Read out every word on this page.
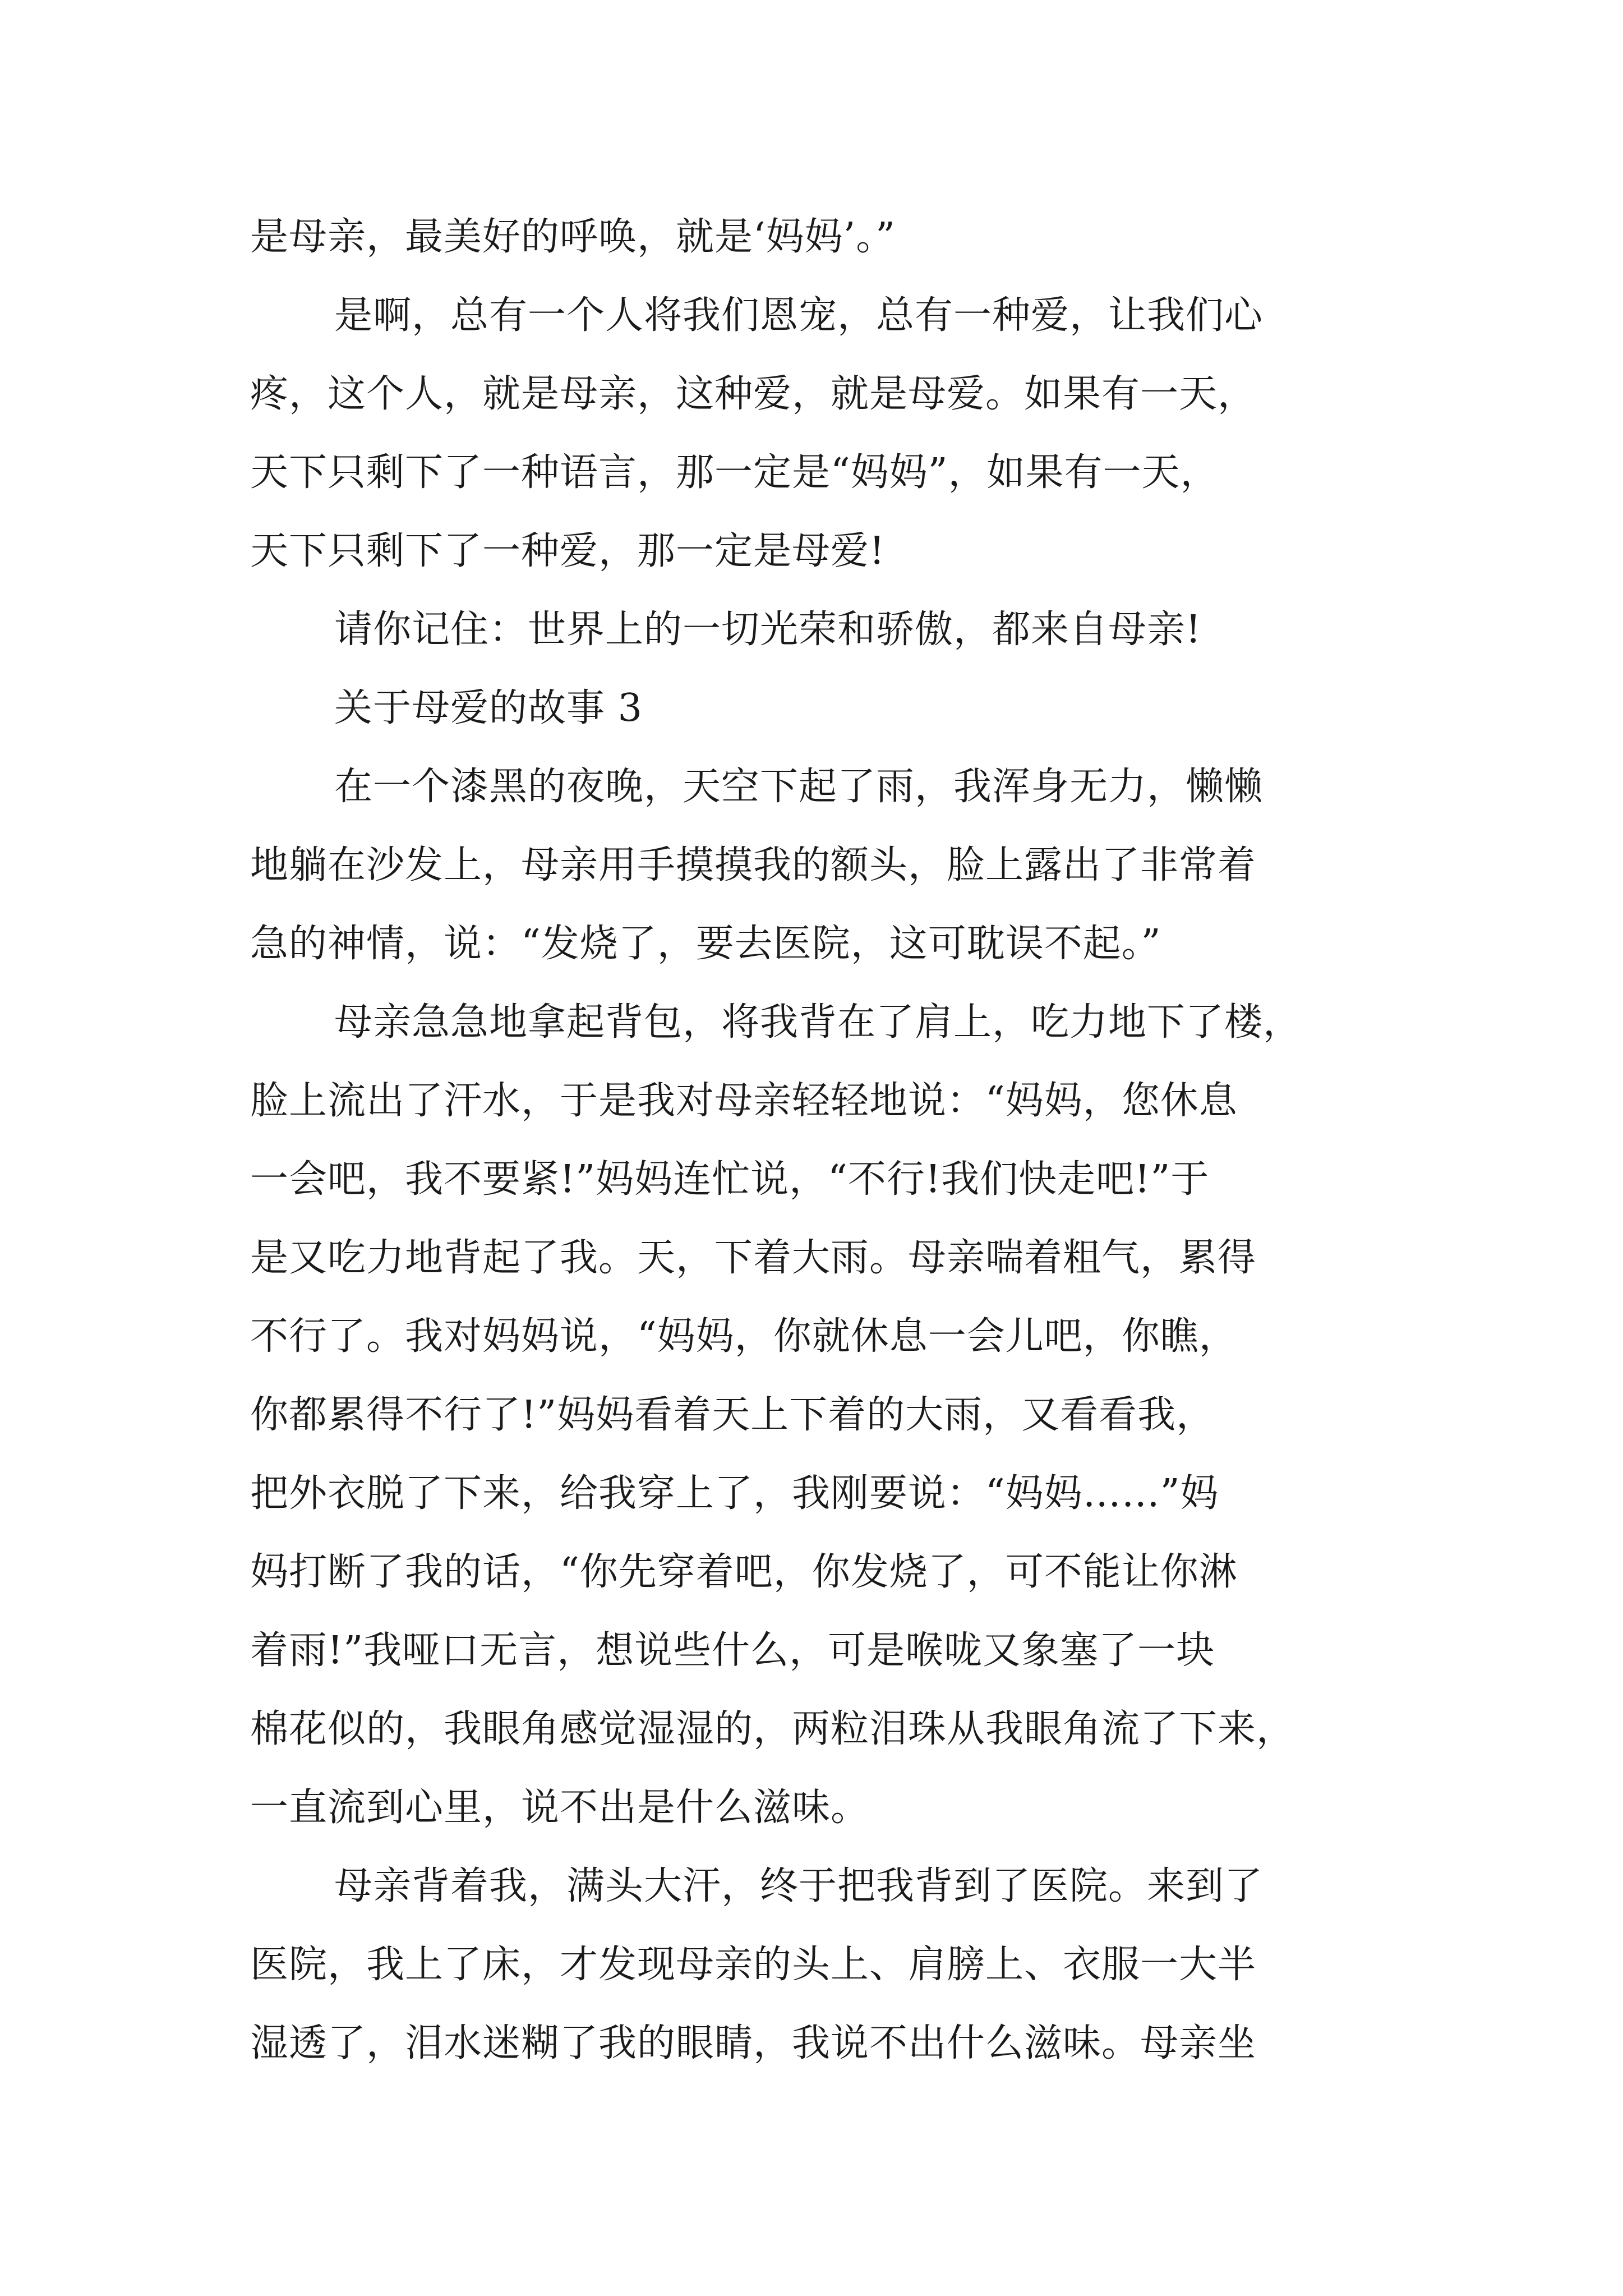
是母亲，最美好的呼唤，就是‘妈妈’。”
是啊，总有一个人将我们恩宠，总有一种爱，让我们心
疼，这个人，就是母亲，这种爱，就是母爱。如果有一天，
天下只剩下了一种语言，那一定是“妈妈”，如果有一天，
天下只剩下了一种爱，那一定是母爱!
请你记住：世界上的一切光荣和骄傲，都来自母亲!
关于母爱的故事 3
在一个漆黑的夜晚，天空下起了雨，我浑身无力，懒懒
地躺在沙发上，母亲用手摸摸我的额头，脸上露出了非常着
急的神情，说：“发烧了，要去医院，这可耽误不起。”
母亲急急地拿起背包，将我背在了肩上，吃力地下了楼，
脸上流出了汗水，于是我对母亲轻轻地说：“妈妈，您休息
一会吧，我不要紧!”妈妈连忙说，“不行!我们快走吧!”于
是又吃力地背起了我。天，下着大雨。母亲喘着粗气，累得
不行了。我对妈妈说，“妈妈，你就休息一会儿吧，你瞧，
你都累得不行了!”妈妈看着天上下着的大雨，又看看我，
把外衣脱了下来，给我穿上了，我刚要说：“妈妈……”妈
妈打断了我的话，“你先穿着吧，你发烧了，可不能让你淋
着雨!”我哑口无言，想说些什么，可是喉咙又象塞了一块
棉花似的，我眼角感觉湿湿的，两粒泪珠从我眼角流了下来，
一直流到心里，说不出是什么滋味。
母亲背着我，满头大汗，终于把我背到了医院。来到了
医院，我上了床，才发现母亲的头上、肩膀上、衣服一大半
湿透了，泪水迷糊了我的眼睛，我说不出什么滋味。母亲坐
